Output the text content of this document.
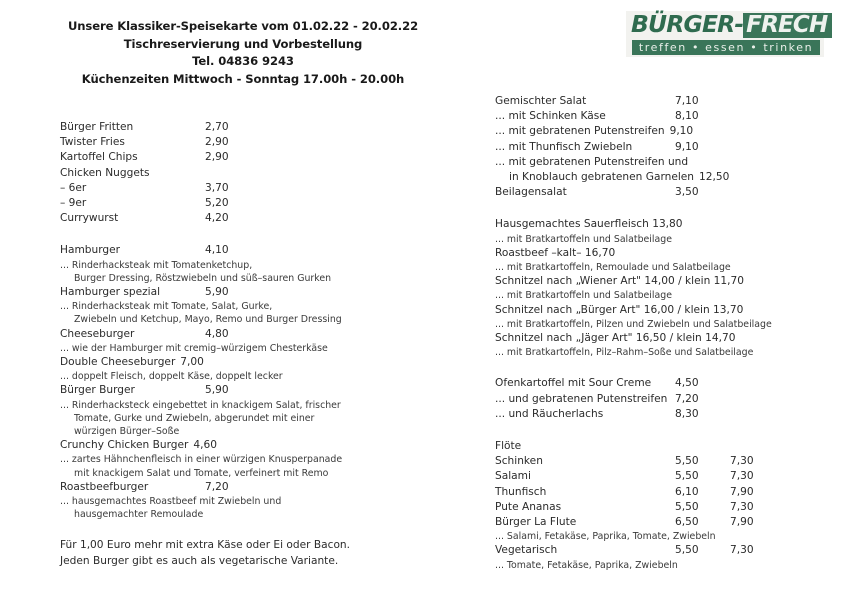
Unsere Klassiker-Speisekarte vom 01.02.22 - 20.02.22
Tischreservierung und Vorbestellung
Tel. 04836 9243
Küchenzeiten Mittwoch - Sonntag 17.00h - 20.00h
BÜRGER- FRECH
treffen • essen • trinken
Bürger Fritten	2,70
Twister Fries	2,90
Kartoffel Chips	2,90
Chicken Nuggets
– 6er	3,70
– 9er	5,20
Currywurst	4,20
Hamburger	4,10
... Rinderhacksteak mit Tomatenketchup,
Burger Dressing, Röstzwiebeln und süß–sauren Gurken
Hamburger spezial	5,90
... Rinderhacksteak mit Tomate, Salat, Gurke,
Zwiebeln und Ketchup, Mayo, Remo und Burger Dressing
Cheeseburger	4,80
... wie der Hamburger mit cremig–würzigem Chesterkäse
Double Cheeseburger 7,00
... doppelt Fleisch, doppelt Käse, doppelt lecker
Bürger Burger	5,90
... Rinderhacksteck eingebettet in knackigem Salat, frischer
Tomate, Gurke und Zwiebeln, abgerundet mit einer
würzigen Bürger–Soße
Crunchy Chicken Burger 4,60
... zartes Hähnchenfleisch in einer würzigen Knusperpanade
mit knackigem Salat und Tomate, verfeinert mit Remo
Roastbeefburger	7,20
... hausgemachtes Roastbeef mit Zwiebeln und
hausgemachter Remoulade
Für 1,00 Euro mehr mit extra Käse oder Ei oder Bacon.
Jeden Burger gibt es auch als vegetarische Variante.
Gemischter Salat	7,10
... mit Schinken Käse	8,10
... mit gebratenen Putenstreifen 9,10
... mit Thunfisch Zwiebeln	9,10
... mit gebratenen Putenstreifen und
in Knoblauch gebratenen Garnelen 12,50
Beilagensalat	3,50
Hausgemachtes Sauerfleisch 13,80
... mit Bratkartoffeln und Salatbeilage
Roastbeef –kalt– 16,70
... mit Bratkartoffeln, Remoulade und Salatbeilage
Schnitzel nach „Wiener Art" 14,00 / klein 11,70
... mit Bratkartoffeln und Salatbeilage
Schnitzel nach „Bürger Art" 16,00 / klein 13,70
... mit Bratkartoffeln, Pilzen und Zwiebeln und Salatbeilage
Schnitzel nach „Jäger Art" 16,50 / klein 14,70
... mit Bratkartoffeln, Pilz–Rahm–Soße und Salatbeilage
Ofenkartoffel mit Sour Creme 4,50
... und gebratenen Putenstreifen 7,20
... und Räucherlachs	8,30
Flöte
Schinken	5,50	7,30
Salami	5,50	7,30
Thunfisch	6,10	7,90
Pute Ananas	5,50	7,30
Bürger La Flute	6,50	7,90
... Salami, Fetakäse, Paprika, Tomate, Zwiebeln
Vegetarisch	5,50	7,30
... Tomate, Fetakäse, Paprika, Zwiebeln
